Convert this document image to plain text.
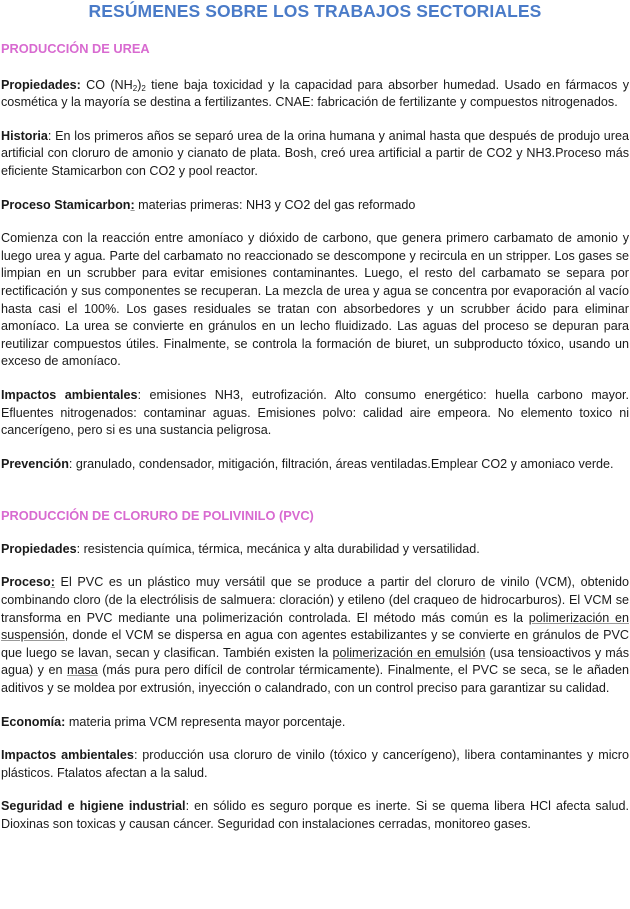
RESÚMENES SOBRE LOS TRABAJOS SECTORIALES
PRODUCCIÓN DE UREA

Propiedades: CO $(NH_2)_2$ tiene baja toxicidad y la capacidad para absorber humedad. Usado en fármacos y cosmética y la mayoría se destina a fertilizantes. CNAE: fabricación de fertilizante y compuestos nitrogenados.

Historia: En los primeros años se separó urea de la orina humana y animal hasta que después de produjo urea artificial con cloruro de amonio y cianato de plata. Bosh, creó urea artificial a partir de CO2 y NH3.Proceso más eficiente Stamicarbon con CO2 y pool reactor.

Proceso Stamicarbon: materias primeras: NH3 y CO2 del gas reformado

Comienza con la reacción entre amoníaco y dióxido de carbono, que genera primero carbamato de amonio y luego urea y agua. Parte del carbamato no reaccionado se descompone y recircula en un stripper. Los gases se limpian en un scrubber para evitar emisiones contaminantes. Luego, el resto del carbamato se separa por rectificación y sus componentes se recuperan. La mezcla de urea y agua se concentra por evaporación al vacío hasta casi el 100%. Los gases residuales se tratan con absorbedores y un scrubber ácido para eliminar amoníaco. La urea se convierte en gránulos en un lecho fluidizado. Las aguas del proceso se depuran para reutilizar compuestos útiles. Finalmente, se controla la formación de biuret, un subproducto tóxico, usando un exceso de amoníaco.

Impactos ambientales: emisiones NH3, eutrofización. Alto consumo energético: huella carbono mayor. Efluentes nitrogenados: contaminar aguas. Emisiones polvo: calidad aire empeora. No elemento toxico ni cancerígeno, pero si es una sustancia peligrosa.

Prevención: granulado, condensador, mitigación, filtración, áreas ventiladas.Emplear CO2 y amoniaco verde.

PRODUCCIÓN DE CLORURO DE POLIVINILO (PVC)

Propiedades: resistencia química, térmica, mecánica y alta durabilidad y versatilidad.

Proceso: El PVC es un plástico muy versátil que se produce a partir del cloruro de vinilo (VCM), obtenido combinando cloro (de la electrólisis de salmuera: cloración) y etileno (del craqueo de hidrocarburos). El VCM se transforma en PVC mediante una polimerización controlada. El método más común es la polimerización en suspensión, donde el VCM se dispersa en agua con agentes estabilizantes y se convierte en gránulos de PVC que luego se lavan, secan y clasifican. También existen la polimerización en emulsión (usa tensioactivos y más agua) y en masa (más pura pero difícil de controlar térmicamente). Finalmente, el PVC se seca, se le añaden aditivos y se moldea por extrusión, inyección o calandrado, con un control preciso para garantizar su calidad.

Economía: materia prima VCM representa mayor porcentaje.

Impactos ambientales: producción usa cloruro de vinilo (tóxico y cancerígeno), libera contaminantes y micro plásticos. Ftalatos afectan a la salud.

Seguridad e higiene industrial: en sólido es seguro porque es inerte. Si se quema libera HCl afecta salud. Dioxinas son toxicas y causan cáncer. Seguridad con instalaciones cerradas, monitoreo gases.
